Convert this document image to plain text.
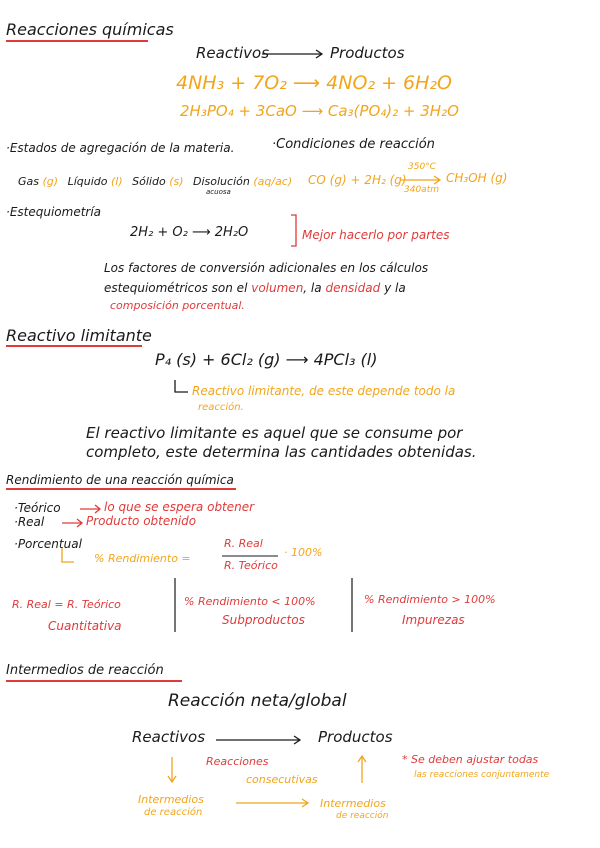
Reacciones químicas
Reactivos	Productos
4NH₃ + 7O₂ ⟶ 4NO₂ + 6H₂O
2H₃PO₄ + 3CaO ⟶ Ca₃(PO₄)₂ + 3H₂O
·Estados de agregación de la materia.	·Condiciones de reacción
Gas (g) Líquido (l) Sólido (s) Disolución (aq/ac)
acuosa
CO (g) + 2H₂ (g)
350°C
340atm
CH₃OH (g)
·Estequiometría
2H₂ + O₂ ⟶ 2H₂O	Mejor hacerlo por partes
Los factores de conversión adicionales en los cálculos
estequiométricos son el volumen, la densidad y la
composición porcentual.
Reactivo limitante
P₄ (s) + 6Cl₂ (g) ⟶ 4PCl₃ (l)
Reactivo limitante, de este depende todo la
reacción.
El reactivo limitante es aquel que se consume por
completo, este determina las cantidades obtenidas.
Rendimiento de una reacción química
·Teórico	lo que se espera obtener
·Real	Producto obtenido
·Porcentual
% Rendimiento =
R. Real
R. Teórico
· 100%
R. Real = R. Teórico
Cuantitativa
% Rendimiento < 100%
Subproductos
% Rendimiento > 100%
Impurezas
Intermedios de reacción
Reacción neta/global
Reactivos	Productos
Reacciones
consecutivas
* Se deben ajustar todas
las reacciones conjuntamente
Intermedios
de reacción
Intermedios
de reacción
